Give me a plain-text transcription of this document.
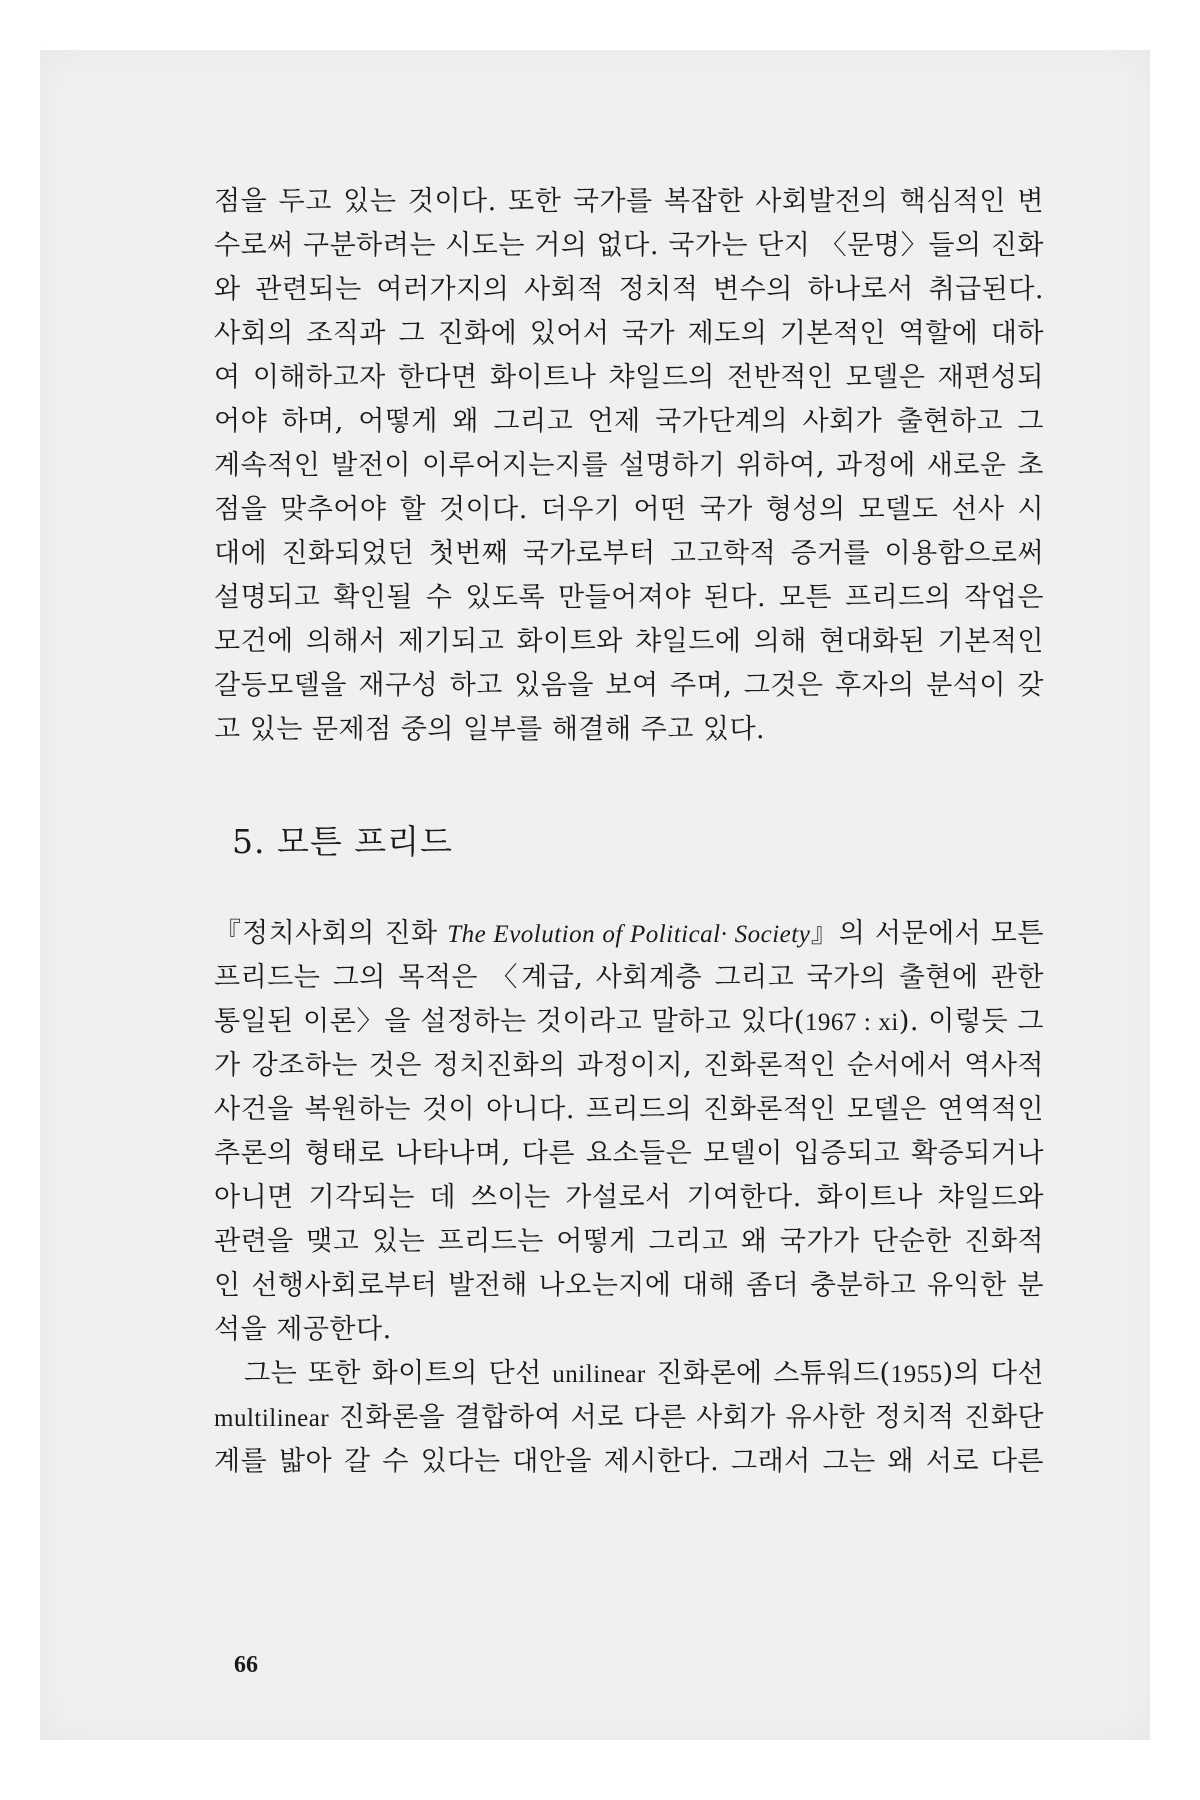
점을 두고 있는 것이다. 또한 국가를 복잡한 사회발전의 핵심적인 변
수로써 구분하려는 시도는 거의 없다. 국가는 단지 〈문명〉들의 진화
와 관련되는 여러가지의 사회적 정치적 변수의 하나로서 취급된다.
사회의 조직과 그 진화에 있어서 국가 제도의 기본적인 역할에 대하
여 이해하고자 한다면 화이트나 챠일드의 전반적인 모델은 재편성되
어야 하며, 어떻게 왜 그리고 언제 국가단계의 사회가 출현하고 그
계속적인 발전이 이루어지는지를 설명하기 위하여, 과정에 새로운 초
점을 맞추어야 할 것이다. 더우기 어떤 국가 형성의 모델도 선사 시
대에 진화되었던 첫번째 국가로부터 고고학적 증거를 이용함으로써
설명되고 확인될 수 있도록 만들어져야 된다. 모튼 프리드의 작업은
모건에 의해서 제기되고 화이트와 챠일드에 의해 현대화된 기본적인
갈등모델을 재구성 하고 있음을 보여 주며, 그것은 후자의 분석이 갖
고 있는 문제점 중의 일부를 해결해 주고 있다.
5. 모튼 프리드
『정치사회의 진화 The Evolution of Political· Society』의 서문에서 모튼
프리드는 그의 목적은 〈계급, 사회계층 그리고 국가의 출현에 관한
통일된 이론〉을 설정하는 것이라고 말하고 있다(1967 : xi). 이렇듯 그
가 강조하는 것은 정치진화의 과정이지, 진화론적인 순서에서 역사적
사건을 복원하는 것이 아니다. 프리드의 진화론적인 모델은 연역적인
추론의 형태로 나타나며, 다른 요소들은 모델이 입증되고 확증되거나
아니면 기각되는 데 쓰이는 가설로서 기여한다. 화이트나 챠일드와
관련을 맺고 있는 프리드는 어떻게 그리고 왜 국가가 단순한 진화적
인 선행사회로부터 발전해 나오는지에 대해 좀더 충분하고 유익한 분
석을 제공한다.
그는 또한 화이트의 단선 unilinear 진화론에 스튜워드(1955)의 다선
multilinear 진화론을 결합하여 서로 다른 사회가 유사한 정치적 진화단
계를 밟아 갈 수 있다는 대안을 제시한다. 그래서 그는 왜 서로 다른
66
